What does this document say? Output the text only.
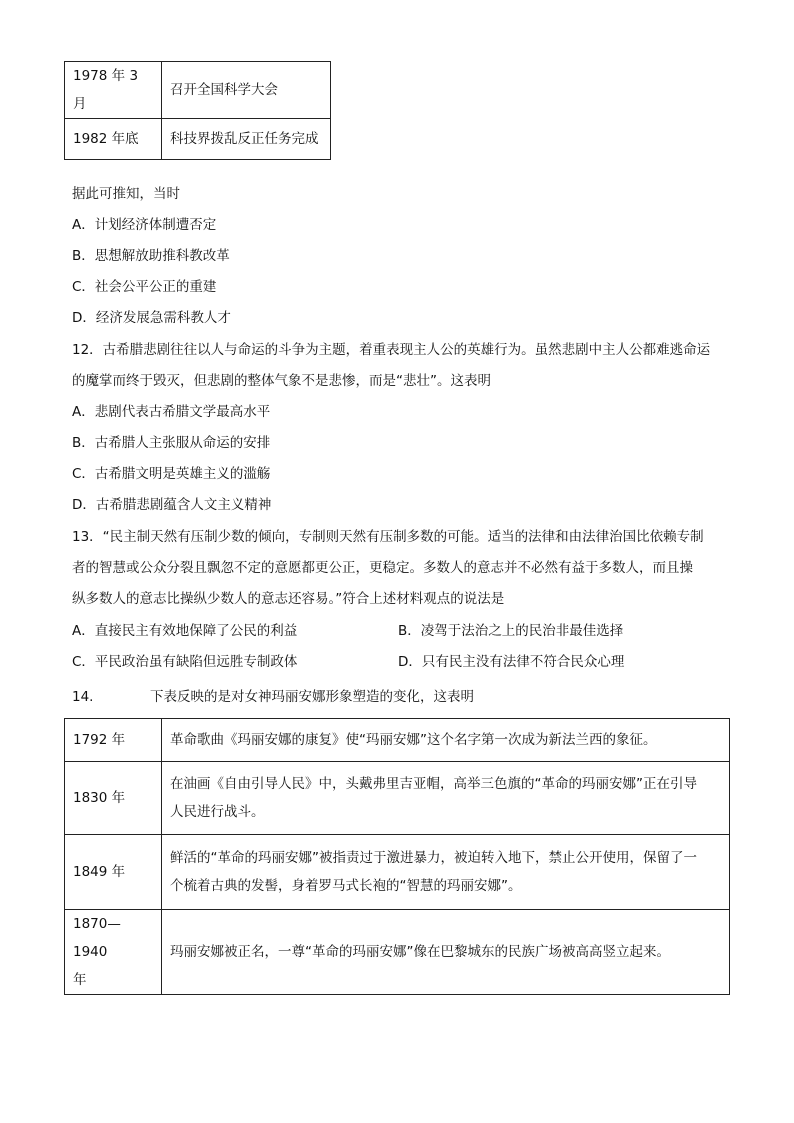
1978 年 3 月	召开全国科学大会
1982 年底	科技界拨乱反正任务完成
据此可推知，当时
A．计划经济体制遭否定
B．思想解放助推科教改革
C．社会公平公正的重建
D．经济发展急需科教人才
12．古希腊悲剧往往以人与命运的斗争为主题，着重表现主人公的英雄行为。虽然悲剧中主人公都难逃命运
的魔掌而终于毁灭，但悲剧的整体气象不是悲惨，而是“悲壮”。这表明
A．悲剧代表古希腊文学最高水平
B．古希腊人主张服从命运的安排
C．古希腊文明是英雄主义的滥觞
D．古希腊悲剧蕴含人文主义精神
13．“民主制天然有压制少数的倾向，专制则天然有压制多数的可能。适当的法律和由法律治国比依赖专制
者的智慧或公众分裂且飘忽不定的意愿都更公正，更稳定。多数人的意志并不必然有益于多数人，而且操
纵多数人的意志比操纵少数人的意志还容易。”符合上述材料观点的说法是
A．直接民主有效地保障了公民的利益	B．凌驾于法治之上的民治非最佳选择
C．平民政治虽有缺陷但远胜专制政体	D．只有民主没有法律不符合民众心理
14.	下表反映的是对女神玛丽安娜形象塑造的变化，这表明
1792 年	革命歌曲《玛丽安娜的康复》使“玛丽安娜”这个名字第一次成为新法兰西的象征。

1830 年	在油画《自由引导人民》中，头戴弗里吉亚帽，高举三色旗的“革命的玛丽安娜”正在引导
人民进行战斗。

1849 年	鲜活的“革命的玛丽安娜”被指责过于激进暴力，被迫转入地下，禁止公开使用，保留了一
个梳着古典的发髻，身着罗马式长袍的“智慧的玛丽安娜”。

1870—1940
年	玛丽安娜被正名，一尊“革命的玛丽安娜”像在巴黎城东的民族广场被高高竖立起来。
